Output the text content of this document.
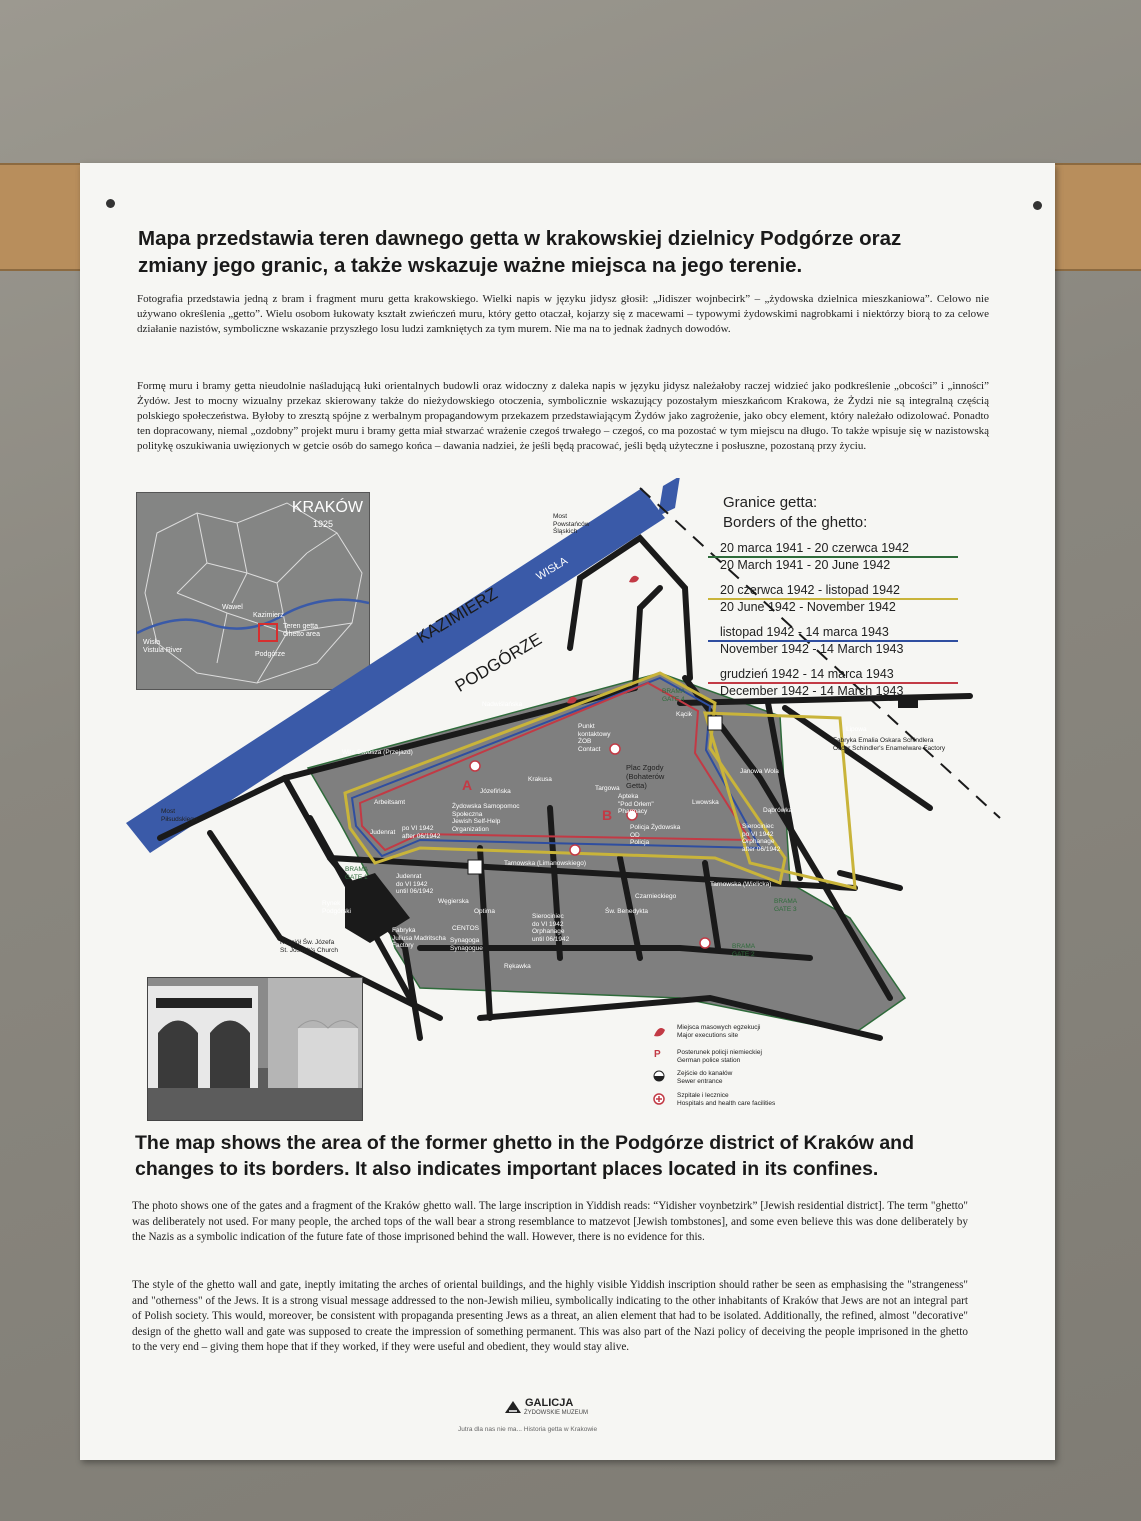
Mapa przedstawia teren dawnego getta w krakowskiej dzielnicy Podgórze oraz zmiany jego granic, a także wskazuje ważne miejsca na jego terenie.

Fotografia przedstawia jedną z bram i fragment muru getta krakowskiego. Wielki napis w języku jidysz głosił: „Jidiszer wojnbecirk” – „żydowska dzielnica mieszkaniowa”. Celowo nie używano określenia „getto”. Wielu osobom łukowaty kształt zwieńczeń muru, który getto otaczał, kojarzy się z macewami – typowymi żydowskimi nagrobkami i niektórzy biorą to za celowe działanie nazistów, symboliczne wskazanie przyszłego losu ludzi zamkniętych za tym murem. Nie ma na to jednak żadnych dowodów.

Formę muru i bramy getta nieudolnie naśladującą łuki orientalnych budowli oraz widoczny z daleka napis w języku jidysz należałoby raczej widzieć jako podkreślenie „obcości” i „inności” Żydów. Jest to mocny wizualny przekaz skierowany także do nieżydowskiego otoczenia, symbolicznie wskazujący pozostałym mieszkańcom Krakowa, że Żydzi nie są integralną częścią polskiego społeczeństwa. Byłoby to zresztą spójne z werbalnym propagandowym przekazem przedstawiającym Żydów jako zagrożenie, jako obcy element, który należało odizolować. Ponadto ten dopracowany, niemal „ozdobny” projekt muru i bramy getta miał stwarzać wrażenie czegoś trwałego – czegoś, co ma pozostać w tym miejscu na długo. To także wpisuje się w nazistowską politykę oszukiwania uwięzionych w getcie osób do samego końca – dawania nadziei, że jeśli będą pracować, jeśli będą użyteczne i posłuszne, pozostaną przy życiu.

KRAKÓW
1925
Wawel
Kazimierz
Wisła
Vistula River
Teren getta
Ghetto area
Podgórze
Most
Powstańców
Śląskich
Most
Piłsudskiego
KAZIMIERZ
PODGÓRZE
WISŁA
Wita Stwosza (Przejazd)
Nadwiślańska
Józefińska
Krakusa
Tarnowska (Limanowskiego)
Targowa
Lwowska
Kącik
Lipowa
Janowa Wola
Dąbrówka
Rękawka
Węgierska
Św. Benedykta
Czarnieckiego
Tarnowska (Wielicka)
Plac Zgody
(Bohaterów
Getta)
Apteka
"Pod Orłem"
Pharmacy
Punkt
kontaktowy
ŻOB
Contact
Arbeitsamt
Judenrat
Judenrat
do VI 1942
until 06/1942
Żydowska Samopomoc
Społeczna
Jewish Self-Help
Organization
po VI 1942
after 06/1942
Policja Żydowska
OD
Policja
Sierociniec
po VI 1942
Orphanage
after 06/1942
Sierociniec
do VI 1942
Orphanage
until 06/1942
Optima
CENTOS
Synagoga
Synagogue
Fabryka
Juliusa Madritscha
Factory
Fabryka Emalia Oskara Schindlera
Oscar Schindler's Enamelware Factory
Rynek
Podgórski
Kościół Św. Józefa
St. Joseph's Church
BRAMA
GATE 1
BRAMA
GATE 2
BRAMA
GATE 3
BRAMA
GATE 4
A
B
Granice getta:
Borders of the ghetto:
20 marca 1941 - 20 czerwca 1942
20 March 1941 - 20 June 1942
20 czerwca 1942 - listopad 1942
20 June 1942 - November 1942
listopad 1942 - 14 marca 1943
November 1942 - 14 March 1943
grudzień 1942 - 14 marca 1943
December 1942 - 14 March 1943
Miejsca masowych egzekucji
Major executions site
P	Posterunek policji niemieckiej
German police station
Zejście do kanałów
Sewer entrance
Szpitale i lecznice
Hospitals and health care facilities
The map shows the area of the former ghetto in the Podgórze district of Kraków and changes to its borders. It also indicates important places located in its confines.

The photo shows one of the gates and a fragment of the Kraków ghetto wall. The large inscription in Yiddish reads: “Yidisher voynbetzirk” [Jewish residential district]. The term "ghetto" was deliberately not used. For many people, the arched tops of the wall bear a strong resemblance to matzevot [Jewish tombstones], and some even believe this was done deliberately by the Nazis as a symbolic indication of the future fate of those imprisoned behind the wall. However, there is no evidence for this.

The style of the ghetto wall and gate, ineptly imitating the arches of oriental buildings, and the highly visible Yiddish inscription should rather be seen as emphasising the "strangeness" and "otherness" of the Jews. It is a strong visual message addressed to the non-Jewish milieu, symbolically indicating to the other inhabitants of Kraków that Jews are not an integral part of Polish society. This would, moreover, be consistent with propaganda presenting Jews as a threat, an alien element that had to be isolated. Additionally, the refined, almost "decorative" design of the ghetto wall and gate was supposed to create the impression of something permanent. This was also part of the Nazi policy of deceiving the people imprisoned in the ghetto to the very end – giving them hope that if they worked, if they were useful and obedient, they would stay alive.

GALICJA
ŻYDOWSKIE MUZEUM
Jutra dla nas nie ma... Historia getta w Krakowie
